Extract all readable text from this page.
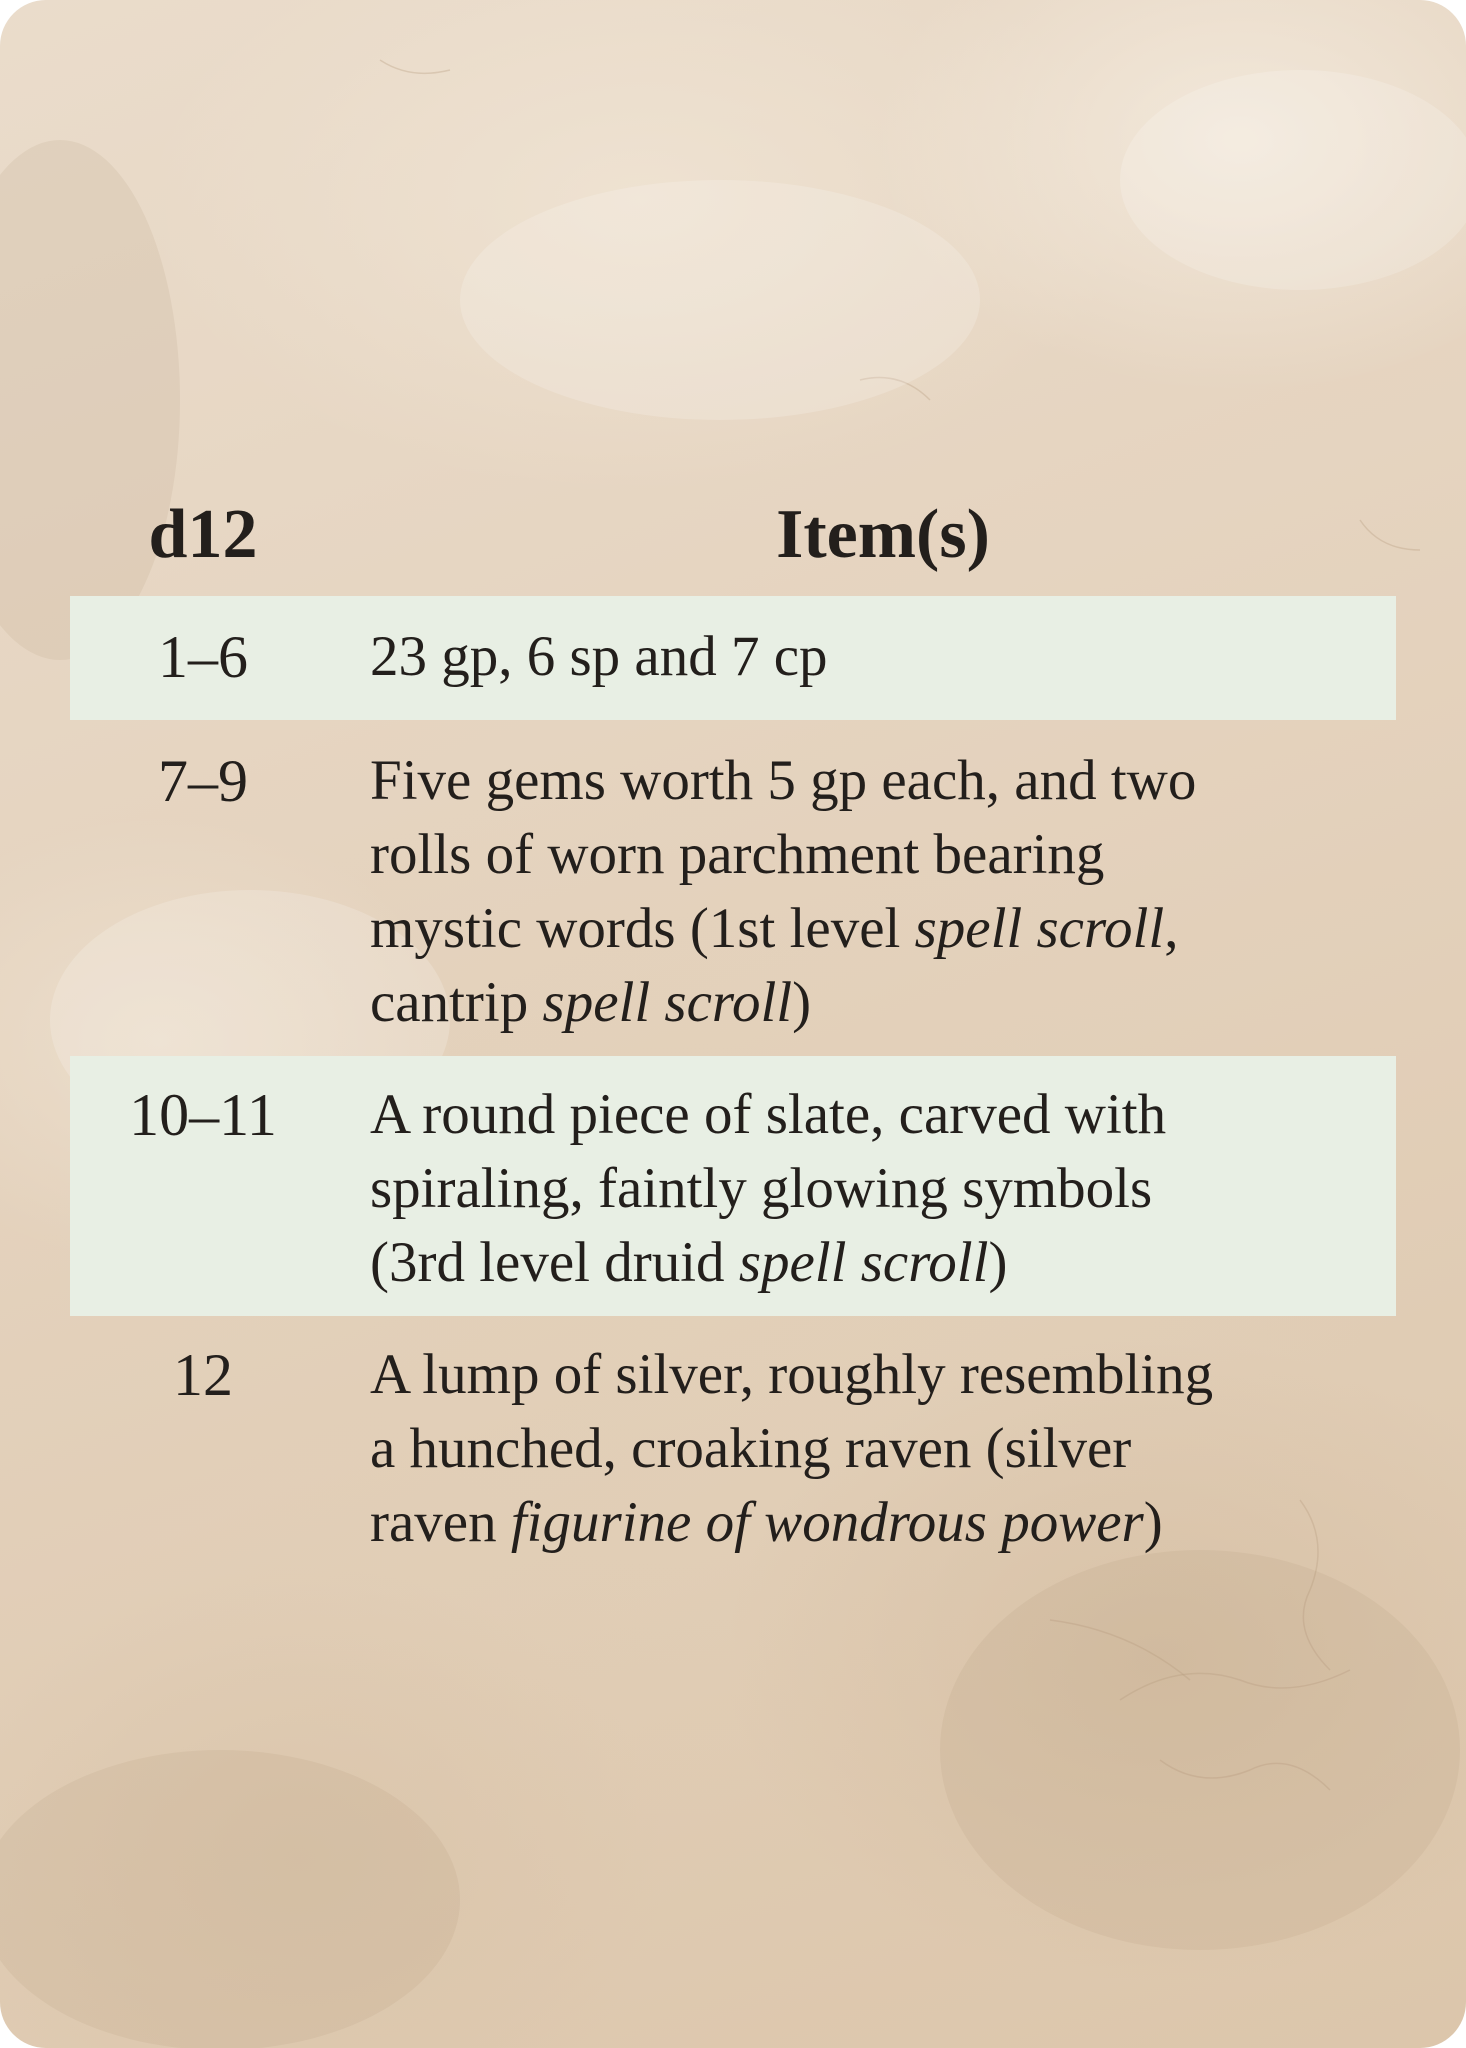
d12	Item(s)
1–6	23 gp, 6 sp and 7 cp
7–9	Five gems worth 5 gp each, and two
rolls of worn parchment bearing
mystic words (1st level spell scroll,
cantrip spell scroll)
10–11	A round piece of slate, carved with
spiraling, faintly glowing symbols
(3rd level druid spell scroll)
12	A lump of silver, roughly resembling
a hunched, croaking raven (silver
raven figurine of wondrous power)
